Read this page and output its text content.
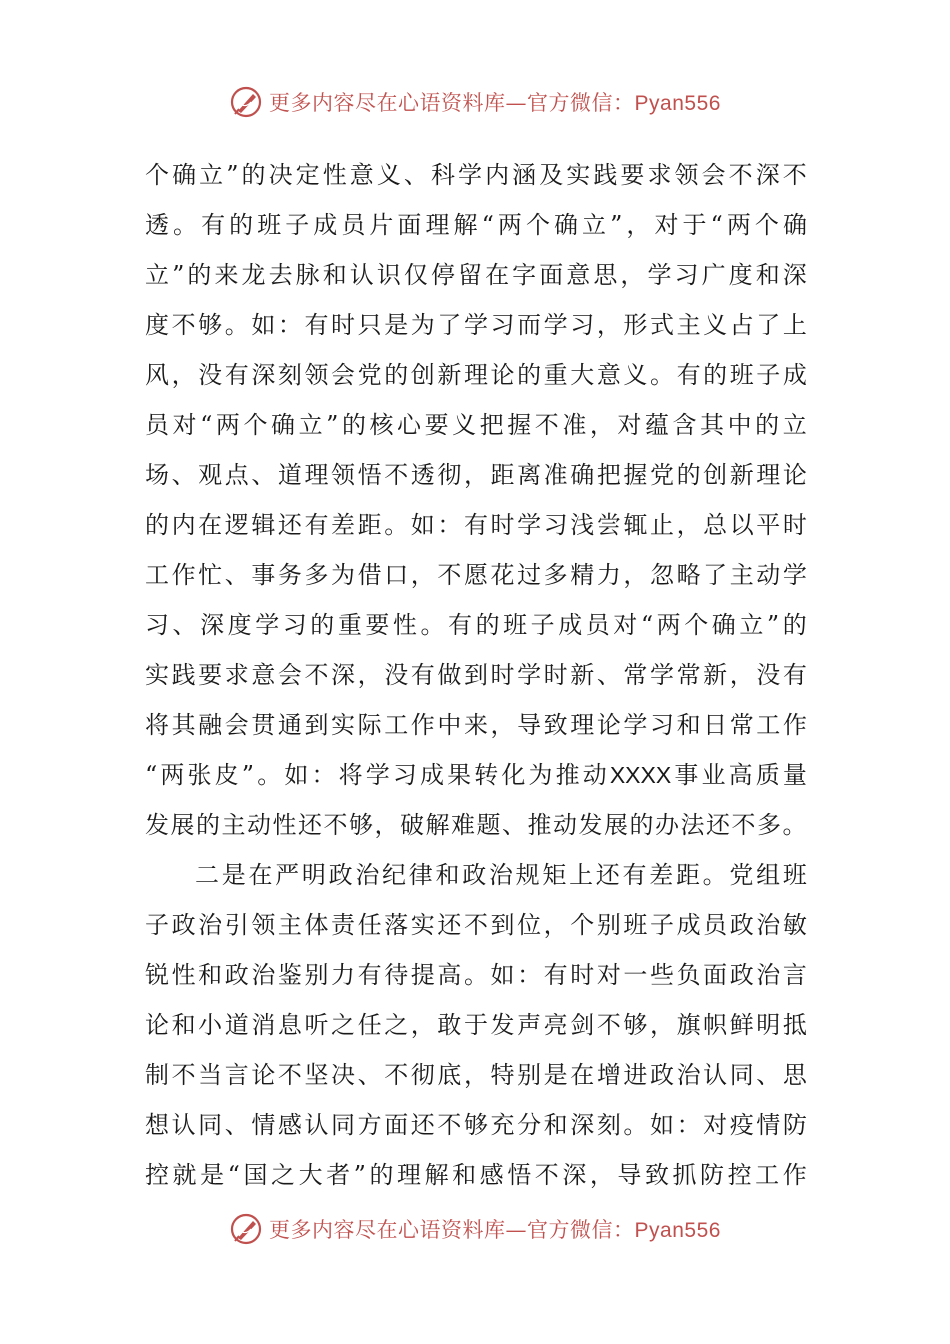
更多内容尽在心语资料库—官方微信：Pyan556
个 确 立 ” 的 决 定 性 意 义 、 科 学 内 涵 及 实 践 要 求 领 会 不 深 不
透 。 有 的 班 子 成 员 片 面 理 解 “ 两 个 确 立 ” ， 对 于 “ 两 个 确
立 ” 的 来 龙 去 脉 和 认 识 仅 停 留 在 字 面 意 思 ， 学 习 广 度 和 深
度 不 够 。 如 ： 有 时 只 是 为 了 学 习 而 学 习 ， 形 式 主 义 占 了 上
风 ， 没 有 深 刻 领 会 党 的 创 新 理 论 的 重 大 意 义 。 有 的 班 子 成
员 对 “ 两 个 确 立 ” 的 核 心 要 义 把 握 不 准 ， 对 蕴 含 其 中 的 立
场 、 观 点 、 道 理 领 悟 不 透 彻 ， 距 离 准 确 把 握 党 的 创 新 理 论
的 内 在 逻 辑 还 有 差 距 。 如 ： 有 时 学 习 浅 尝 辄 止 ， 总 以 平 时
工 作 忙 、 事 务 多 为 借 口 ， 不 愿 花 过 多 精 力 ， 忽 略 了 主 动 学
习 、 深 度 学 习 的 重 要 性 。 有 的 班 子 成 员 对 “ 两 个 确 立 ” 的
实 践 要 求 意 会 不 深 ， 没 有 做 到 时 学 时 新 、 常 学 常 新 ， 没 有
将 其 融 会 贯 通 到 实 际 工 作 中 来 ， 导 致 理 论 学 习 和 日 常 工 作
“ 两 张 皮 ” 。 如 ： 将 学 习 成 果 转 化 为 推 动 XXXX 事 业 高 质 量
发展的主动性还不够，破解难题、推动发展的办法还不多。
二 是 在 严 明 政 治 纪 律 和 政 治 规 矩 上 还 有 差 距 。 党 组 班
子 政 治 引 领 主 体 责 任 落 实 还 不 到 位 ， 个 别 班 子 成 员 政 治 敏
锐 性 和 政 治 鉴 别 力 有 待 提 高 。 如 ： 有 时 对 一 些 负 面 政 治 言
论 和 小 道 消 息 听 之 任 之 ， 敢 于 发 声 亮 剑 不 够 ， 旗 帜 鲜 明 抵
制 不 当 言 论 不 坚 决 、 不 彻 底 ， 特 别 是 在 增 进 政 治 认 同 、 思
想 认 同 、 情 感 认 同 方 面 还 不 够 充 分 和 深 刻 。 如 ： 对 疫 情 防
控 就 是 “ 国 之 大 者 ” 的 理 解 和 感 悟 不 深 ， 导 致 抓 防 控 工 作
更多内容尽在心语资料库—官方微信：Pyan556
